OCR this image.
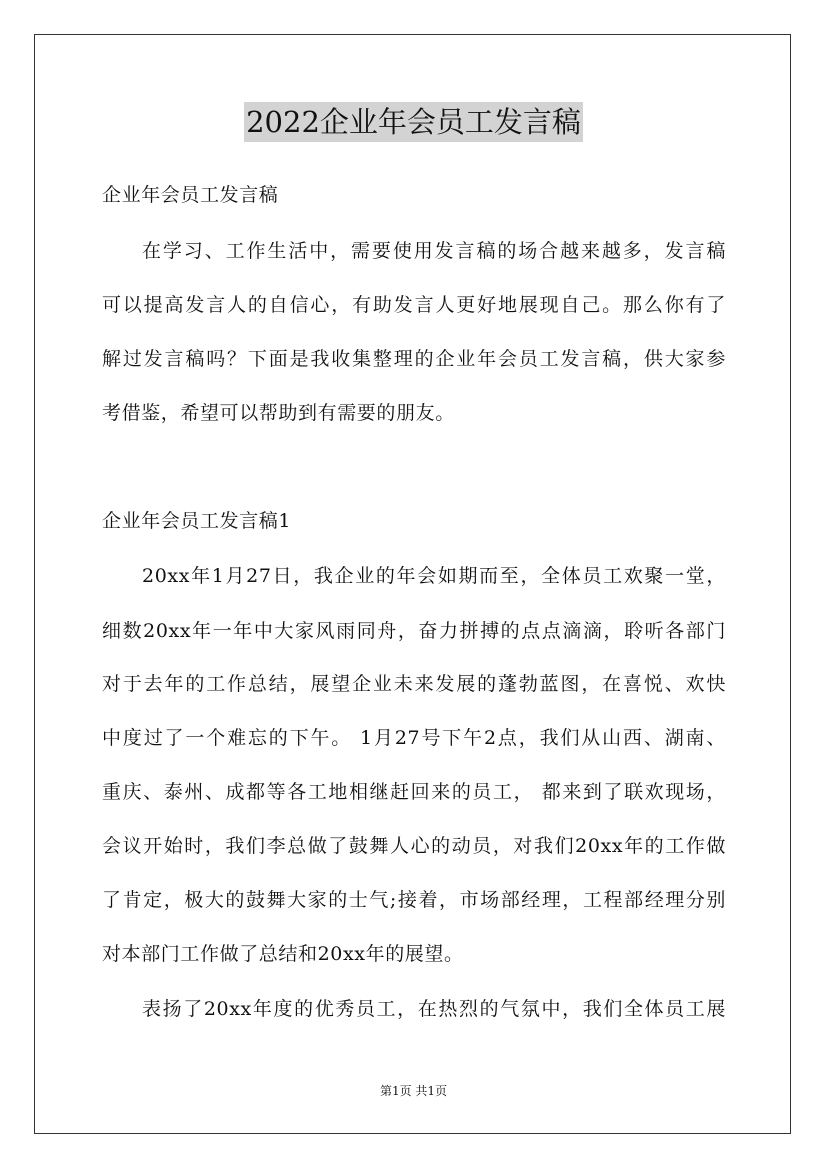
2022企业年会员工发言稿
企业年会员工发言稿
在学习、工作生活中，需要使用发言稿的场合越来越多，发言稿
可以提高发言人的自信心，有助发言人更好地展现自己。那么你有了
解过发言稿吗？下面是我收集整理的企业年会员工发言稿，供大家参
考借鉴，希望可以帮助到有需要的朋友。
企业年会员工发言稿1
20xx年1月27日，我企业的年会如期而至，全体员工欢聚一堂，
细数20xx年一年中大家风雨同舟，奋力拼搏的点点滴滴，聆听各部门
对于去年的工作总结，展望企业未来发展的蓬勃蓝图，在喜悦、欢快
中度过了一个难忘的下午。 1月27号下午2点，我们从山西、湖南、
重庆、泰州、成都等各工地相继赶回来的员工， 都来到了联欢现场，
会议开始时，我们李总做了鼓舞人心的动员，对我们20xx年的工作做
了肯定，极大的鼓舞大家的士气;接着，市场部经理，工程部经理分别
对本部门工作做了总结和20xx年的展望。
表扬了20xx年度的优秀员工，在热烈的气氛中，我们全体员工展
第1页 共1页
